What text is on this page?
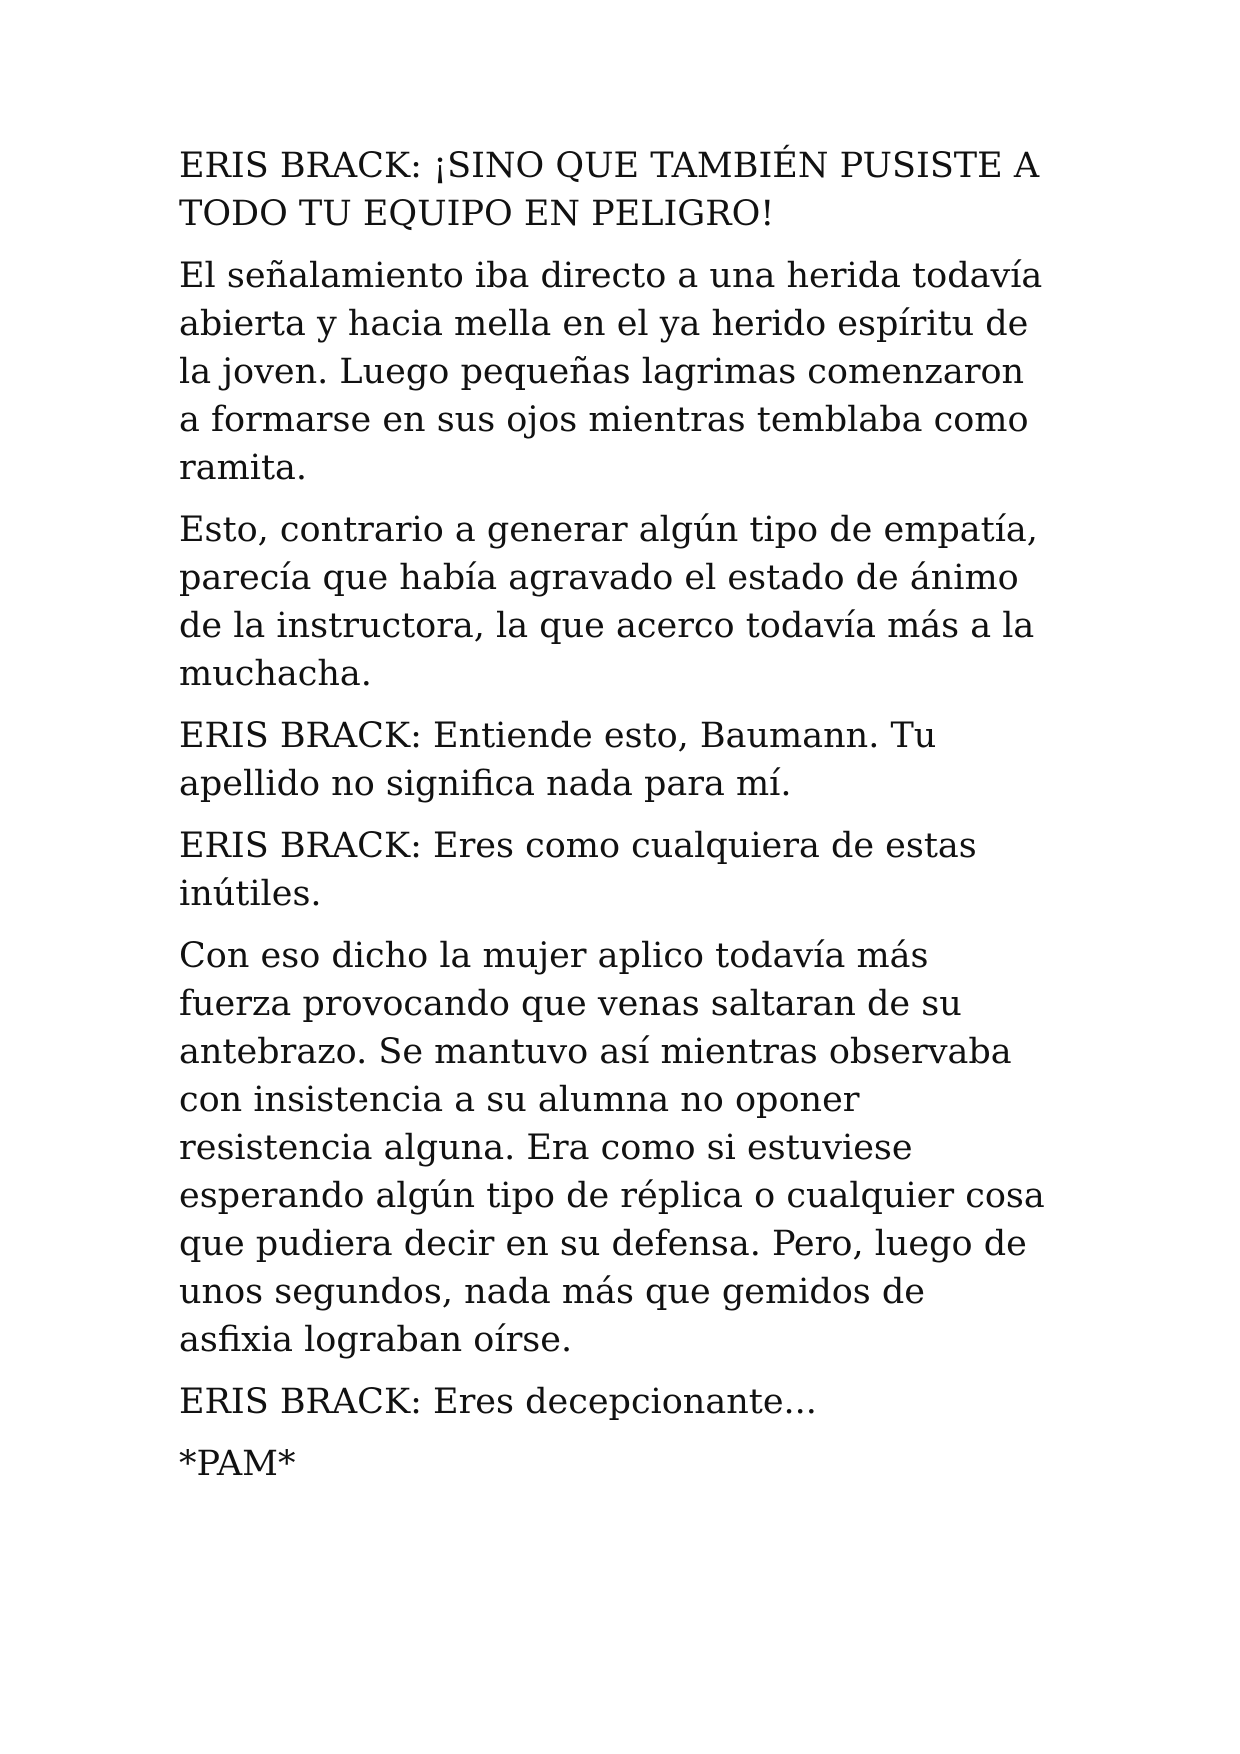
ERIS BRACK: ¡SINO QUE TAMBIÉN PUSISTE A
TODO TU EQUIPO EN PELIGRO!

El señalamiento iba directo a una herida todavía
abierta y hacia mella en el ya herido espíritu de
la joven. Luego pequeñas lagrimas comenzaron
a formarse en sus ojos mientras temblaba como
ramita.

Esto, contrario a generar algún tipo de empatía,
parecía que había agravado el estado de ánimo
de la instructora, la que acerco todavía más a la
muchacha.

ERIS BRACK: Entiende esto, Baumann. Tu
apellido no significa nada para mí.

ERIS BRACK: Eres como cualquiera de estas
inútiles.

Con eso dicho la mujer aplico todavía más
fuerza provocando que venas saltaran de su
antebrazo. Se mantuvo así mientras observaba
con insistencia a su alumna no oponer
resistencia alguna. Era como si estuviese
esperando algún tipo de réplica o cualquier cosa
que pudiera decir en su defensa. Pero, luego de
unos segundos, nada más que gemidos de
asfixia lograban oírse.

ERIS BRACK: Eres decepcionante...

*PAM*
